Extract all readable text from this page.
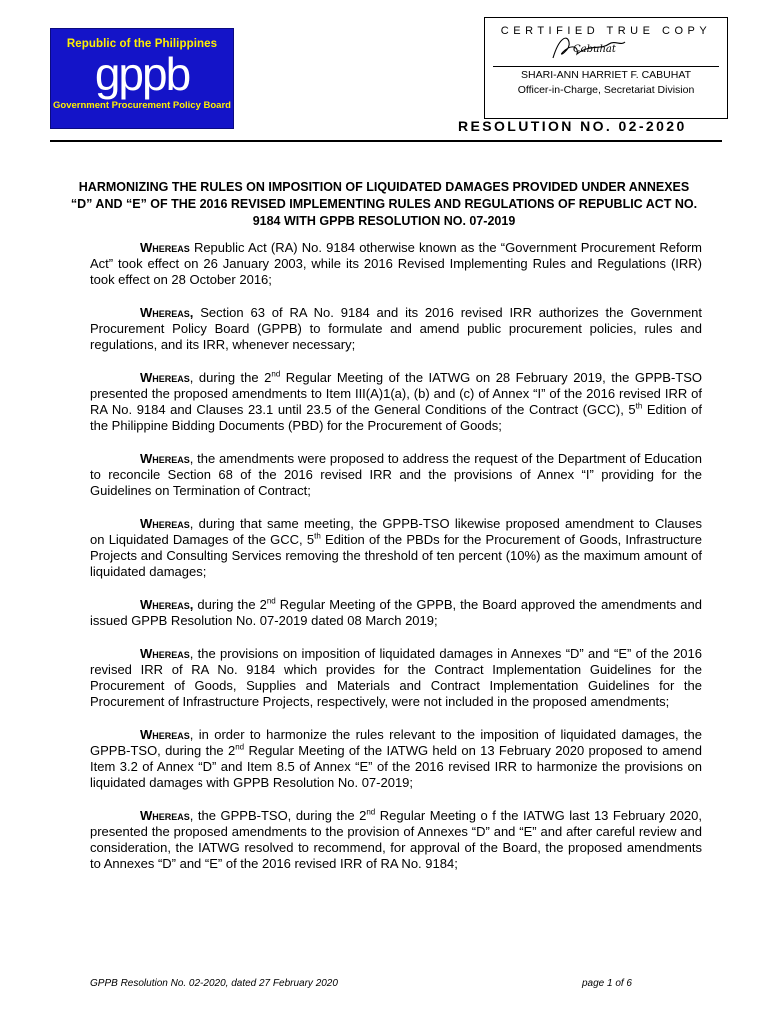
Republic of the Philippines
gppb
Government Procurement Policy Board
CERTIFIED TRUE COPY
Cabuhat
SHARI-ANN HARRIET F. CABUHAT
Officer-in-Charge, Secretariat Division
RESOLUTION NO. 02-2020
HARMONIZING THE RULES ON IMPOSITION OF LIQUIDATED DAMAGES PROVIDED UNDER ANNEXES “D” AND “E” OF THE 2016 REVISED IMPLEMENTING RULES AND REGULATIONS OF REPUBLIC ACT NO. 9184 WITH GPPB RESOLUTION NO. 07-2019

Whereas Republic Act (RA) No. 9184 otherwise known as the “Government Procurement Reform Act” took effect on 26 January 2003, while its 2016 Revised Implementing Rules and Regulations (IRR) took effect on 28 October 2016;

Whereas, Section 63 of RA No. 9184 and its 2016 revised IRR authorizes the Government Procurement Policy Board (GPPB) to formulate and amend public procurement policies, rules and regulations, and its IRR, whenever necessary;

Whereas, during the 2nd Regular Meeting of the IATWG on 28 February 2019, the GPPB-TSO presented the proposed amendments to Item III(A)1(a), (b) and (c) of Annex “I” of the 2016 revised IRR of RA No. 9184 and Clauses 23.1 until 23.5 of the General Conditions of the Contract (GCC), 5th Edition of the Philippine Bidding Documents (PBD) for the Procurement of Goods;

Whereas, the amendments were proposed to address the request of the Department of Education to reconcile Section 68 of the 2016 revised IRR and the provisions of Annex “I” providing for the Guidelines on Termination of Contract;

Whereas, during that same meeting, the GPPB-TSO likewise proposed amendment to Clauses on Liquidated Damages of the GCC, 5th Edition of the PBDs for the Procurement of Goods, Infrastructure Projects and Consulting Services removing the threshold of ten percent (10%) as the maximum amount of liquidated damages;

Whereas, during the 2nd Regular Meeting of the GPPB, the Board approved the amendments and issued GPPB Resolution No. 07-2019 dated 08 March 2019;

Whereas, the provisions on imposition of liquidated damages in Annexes “D” and “E” of the 2016 revised IRR of RA No. 9184 which provides for the Contract Implementation Guidelines for the Procurement of Goods, Supplies and Materials and Contract Implementation Guidelines for the Procurement of Infrastructure Projects, respectively, were not included in the proposed amendments;

Whereas, in order to harmonize the rules relevant to the imposition of liquidated damages, the GPPB-TSO, during the 2nd Regular Meeting of the IATWG held on 13 February 2020 proposed to amend Item 3.2 of Annex “D” and Item 8.5 of Annex “E” of the 2016 revised IRR to harmonize the provisions on liquidated damages with GPPB Resolution No. 07-2019;

Whereas, the GPPB-TSO, during the 2nd Regular Meeting o f the IATWG last 13 February 2020, presented the proposed amendments to the provision of Annexes “D” and “E” and after careful review and consideration, the IATWG resolved to recommend, for approval of the Board, the proposed amendments to Annexes “D” and “E” of the 2016 revised IRR of RA No. 9184;

GPPB Resolution No. 02-2020, dated 27 February 2020	page 1 of 6
